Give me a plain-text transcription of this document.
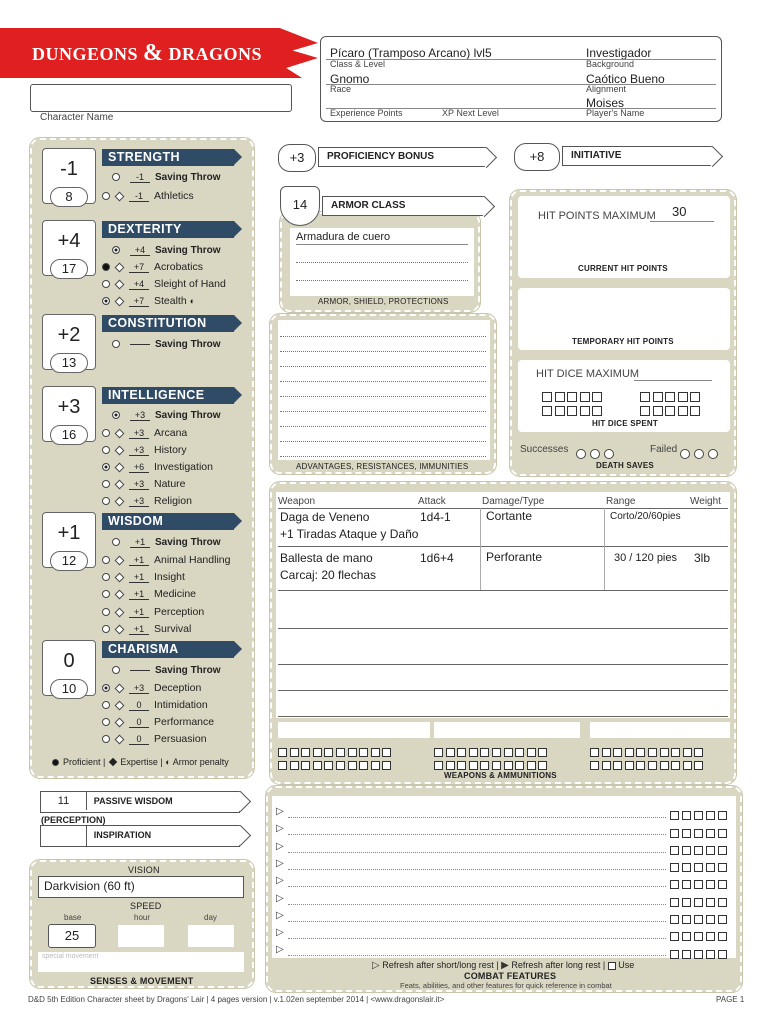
DUNGEONS & DRAGONS
Character Name
Pícaro (Tramposo Arcano) lvl5
Class & Level
Investigador
Background
Gnomo
Race
Caótico Bueno
Alignment
Moises
Experience Points	XP Next Level	Player's Name
STRENGTH
-1
8
-1 Saving Throw
-1 Athletics
DEXTERITY
+4
17
+4 Saving Throw
+7 Acrobatics
+4 Sleight of Hand
+7 Stealth ◐
CONSTITUTION
+2
13
Saving Throw
INTELLIGENCE
+3
16
+3 Saving Throw
+3 Arcana
+3 History
+6 Investigation
+3 Nature
+3 Religion
WISDOM
+1
12
+1 Saving Throw
+1 Animal Handling
+1 Insight
+1 Medicine
+1 Perception
+1 Survival
CHARISMA
0
10
Saving Throw
+3 Deception
0 Intimidation
0 Performance
0 Persuasion
Proficient |  Expertise | ◐ Armor penalty
11	PASSIVE WISDOM (PERCEPTION)
INSPIRATION
VISION
Darkvision (60 ft)
SPEED
base	hour	day
25
special movement
SENSES & MOVEMENT
+3	PROFICIENCY BONUS	+8	INITIATIVE
14	ARMOR CLASS
Armadura de cuero
ARMOR, SHIELD, PROTECTIONS
ADVANTAGES, RESISTANCES, IMMUNITIES
HIT POINTS MAXIMUM 30
CURRENT HIT POINTS
TEMPORARY HIT POINTS
HIT DICE MAXIMUM
HIT DICE SPENT
Successes	Failed
DEATH SAVES
Weapon	Attack	Damage/Type	Range	Weight
Daga de Veneno	1d4-1	Cortante	Corto/20/60pies
+1 Tiradas Ataque y Daño
Ballesta de mano	1d6+4	Perforante	30 / 120 pies 3lb
Carcaj: 20 flechas
WEAPONS & AMMUNITIONS
▷
▷
▷
▷
▷
▷
▷
▷
▷
▷ Refresh after short/long rest | ▶ Refresh after long rest | Use
COMBAT FEATURES
Feats, abilities, and other features for quick reference in combat
D&D 5th Edition Character sheet by Dragons' Lair | 4 pages version | v.1.02en september 2014 | <www.dragonslair.it>	PAGE 1
